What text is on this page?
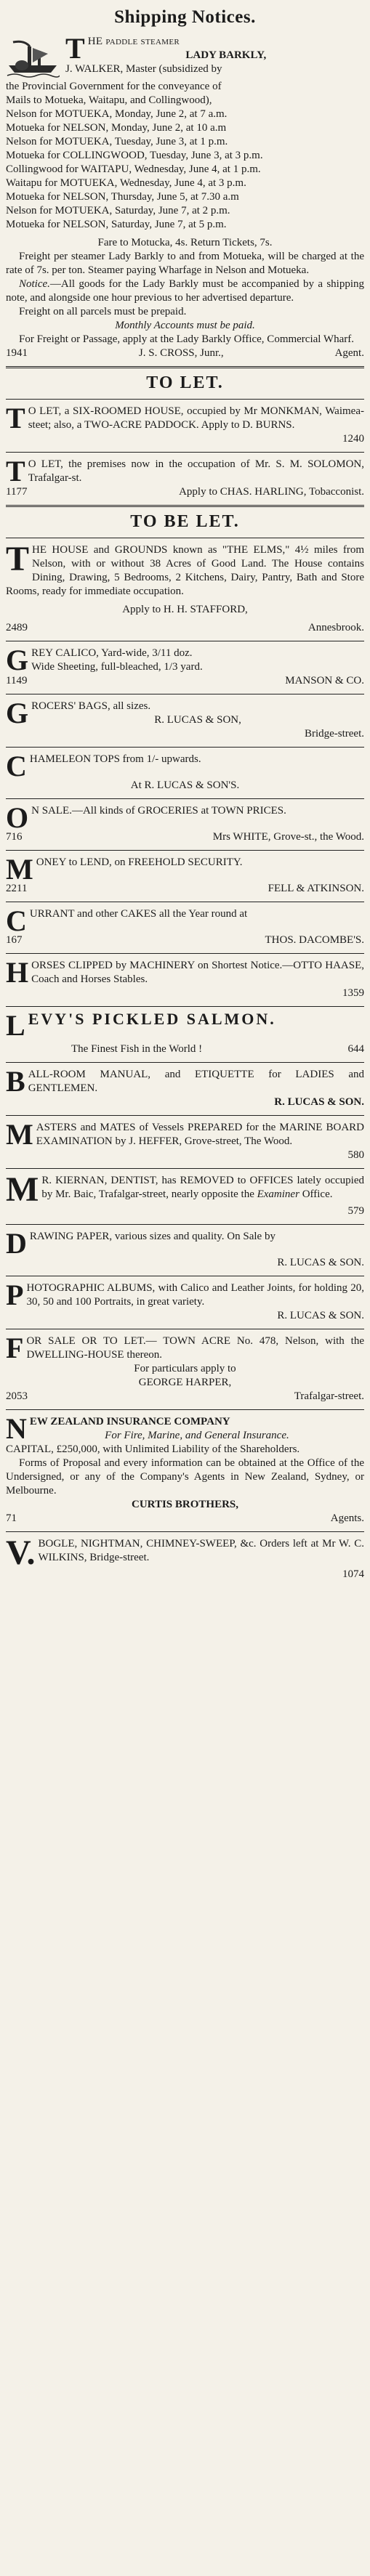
Shipping Notices.

THE paddle steamer

LADY BARKLY,

J. WALKER, Master (subsidized by

the Provincial Government for the conveyance of

Mails to Motueka, Waitapu, and Collingwood),

Nelson for MOTUEKA, Monday, June 2, at 7 a.m.

Motueka for NELSON, Monday, June 2, at 10 a.m

Nelson for MOTUEKA, Tuesday, June 3, at 1 p.m.

Motueka for COLLINGWOOD, Tuesday, June 3, at 3 p.m.

Collingwood for WAITAPU, Wednesday, June 4, at 1 p.m.

Waitapu for MOTUEKA, Wednesday, June 4, at 3 p.m.

Motueka for NELSON, Thursday, June 5, at 7.30 a.m

Nelson for MOTUEKA, Saturday, June 7, at 2 p.m.

Motueka for NELSON, Saturday, June 7, at 5 p.m.

Fare to Motucka, 4s. Return Tickets, 7s.

Freight per steamer Lady Barkly to and from Motueka, will be charged at the rate of 7s. per ton. Steamer paying Wharfage in Nelson and Motueka.

Notice.—All goods for the Lady Barkly must be accompanied by a shipping note, and alongside one hour previous to her advertised departure.

Freight on all parcels must be prepaid.

Monthly Accounts must be paid.

For Freight or Passage, apply at the Lady Barkly Office, Commercial Wharf.

1941	J. S. CROSS, Junr.,	Agent.
TO LET.

T O LET, a SIX-ROOMED HOUSE, occupied by Mr MONKMAN, Waimea-steet; also, a TWO-ACRE PADDOCK. Apply to D. BURNS.

1240

T O LET, the premises now in the occupation of Mr. S. M. SOLOMON, Trafalgar-st.

1177	Apply to CHAS. HARLING, Tobacconist.
TO BE LET.

THE HOUSE and GROUNDS known as "THE ELMS," 4½ miles from Nelson, with or without 38 Acres of Good Land. The House contains Dining, Drawing, 5 Bedrooms, 2 Kitchens, Dairy, Pantry, Bath and Store Rooms, ready for immediate occupation.

Apply to H. H. STAFFORD,

2489	Annesbrook.

GREY CALICO, Yard-wide, 3/11 doz.

Wide Sheeting, full-bleached, 1/3 yard.

1149	MANSON & CO.

GROCERS' BAGS, all sizes.

R. LUCAS & SON,

Bridge-street.

CHAMELEON TOPS from 1/- upwards.

At R. LUCAS & SON'S.

O N SALE.—All kinds of GROCERIES at TOWN PRICES.

716	Mrs WHITE, Grove-st., the Wood.

MONEY to LEND, on FREEHOLD SECURITY.

2211	FELL & ATKINSON.

CURRANT and other CAKES all the Year round at

167	THOS. DACOMBE'S.

HORSES CLIPPED by MACHINERY on Shortest Notice.—OTTO HAASE, Coach and Horses Stables.

1359

LEVY'S PICKLED SALMON.

The Finest Fish in the World !	644

BALL-ROOM MANUAL, and ETIQUETTE for LADIES and GENTLEMEN.

R. LUCAS & SON.

MASTERS and MATES of Vessels PREPARED for the MARINE BOARD EXAMINATION by J. HEFFER, Grove-street, The Wood.

580

M R. KIERNAN, DENTIST, has REMOVED to OFFICES lately occupied by Mr. Baic, Trafalgar-street, nearly opposite the Examiner Office.

579

DRAWING PAPER, various sizes and quality. On Sale by

R. LUCAS & SON.

PHOTOGRAPHIC ALBUMS, with Calico and Leather Joints, for holding 20, 30, 50 and 100 Portraits, in great variety.

R. LUCAS & SON.

FOR SALE OR TO LET.— TOWN ACRE No. 478, Nelson, with the DWELLING-HOUSE thereon.

For particulars apply to

GEORGE HARPER,

2053	Trafalgar-street.

NEW ZEALAND INSURANCE COMPANY

For Fire, Marine, and General Insurance.

CAPITAL, £250,000, with Unlimited Liability of the Shareholders.

Forms of Proposal and every information can be obtained at the Office of the Undersigned, or any of the Company's Agents in New Zealand, Sydney, or Melbourne.

CURTIS BROTHERS,

71	Agents.

V. BOGLE, NIGHTMAN, CHIMNEY-SWEEP, &c. Orders left at Mr W. C. WILKINS, Bridge-street.

1074
